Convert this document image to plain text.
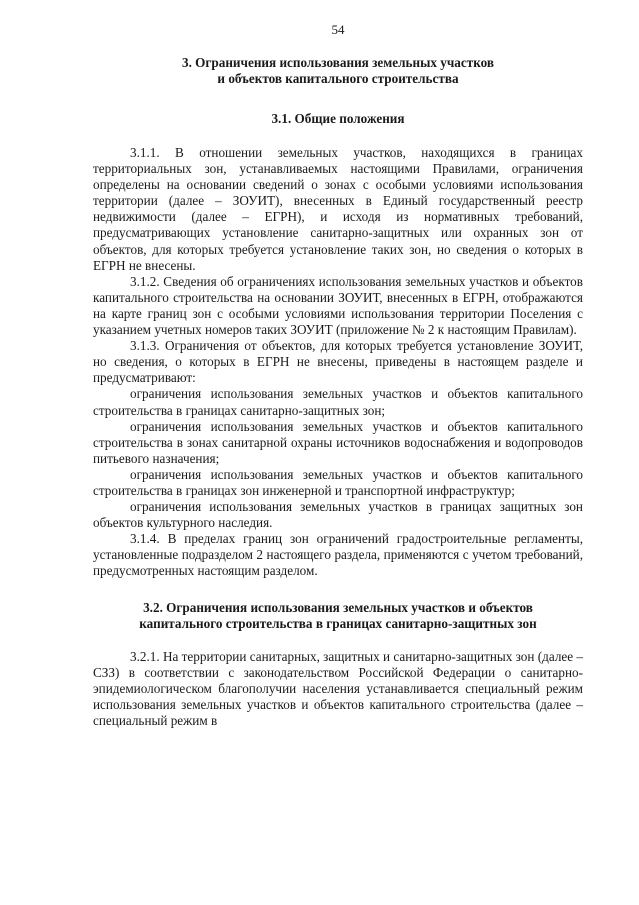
54
3. Ограничения использования земельных участков
и объектов капитального строительства
3.1. Общие положения

3.1.1. В отношении земельных участков, находящихся в границах территориальных зон, устанавливаемых настоящими Правилами, ограничения определены на основании сведений о зонах с особыми условиями использования территории (далее – ЗОУИТ), внесенных в Единый государственный реестр недвижимости (далее – ЕГРН), и исходя из нормативных требований, предусматривающих установление санитарно-защитных или охранных зон от объектов, для которых требуется установление таких зон, но сведения о которых в ЕГРН не внесены.

3.1.2. Сведения об ограничениях использования земельных участков и объектов капитального строительства на основании ЗОУИТ, внесенных в ЕГРН, отображаются на карте границ зон с особыми условиями использования территории Поселения с указанием учетных номеров таких ЗОУИТ (приложение № 2 к настоящим Правилам).

3.1.3. Ограничения от объектов, для которых требуется установление ЗОУИТ, но сведения, о которых в ЕГРН не внесены, приведены в настоящем разделе и предусматривают:

ограничения использования земельных участков и объектов капитального строительства в границах санитарно-защитных зон;

ограничения использования земельных участков и объектов капитального строительства в зонах санитарной охраны источников водоснабжения и водопроводов питьевого назначения;

ограничения использования земельных участков и объектов капитального строительства в границах зон инженерной и транспортной инфраструктур;

ограничения использования земельных участков в границах защитных зон объектов культурного наследия.

3.1.4. В пределах границ зон ограничений градостроительные регламенты, установленные подразделом 2 настоящего раздела, применяются с учетом требований, предусмотренных настоящим разделом.

3.2. Ограничения использования земельных участков и объектов
капитального строительства в границах санитарно-защитных зон

3.2.1. На территории санитарных, защитных и санитарно-защитных зон (далее – СЗЗ) в соответствии с законодательством Российской Федерации о санитарно-эпидемиологическом благополучии населения устанавливается специальный режим использования земельных участков и объектов капитального строительства (далее – специальный режим в
